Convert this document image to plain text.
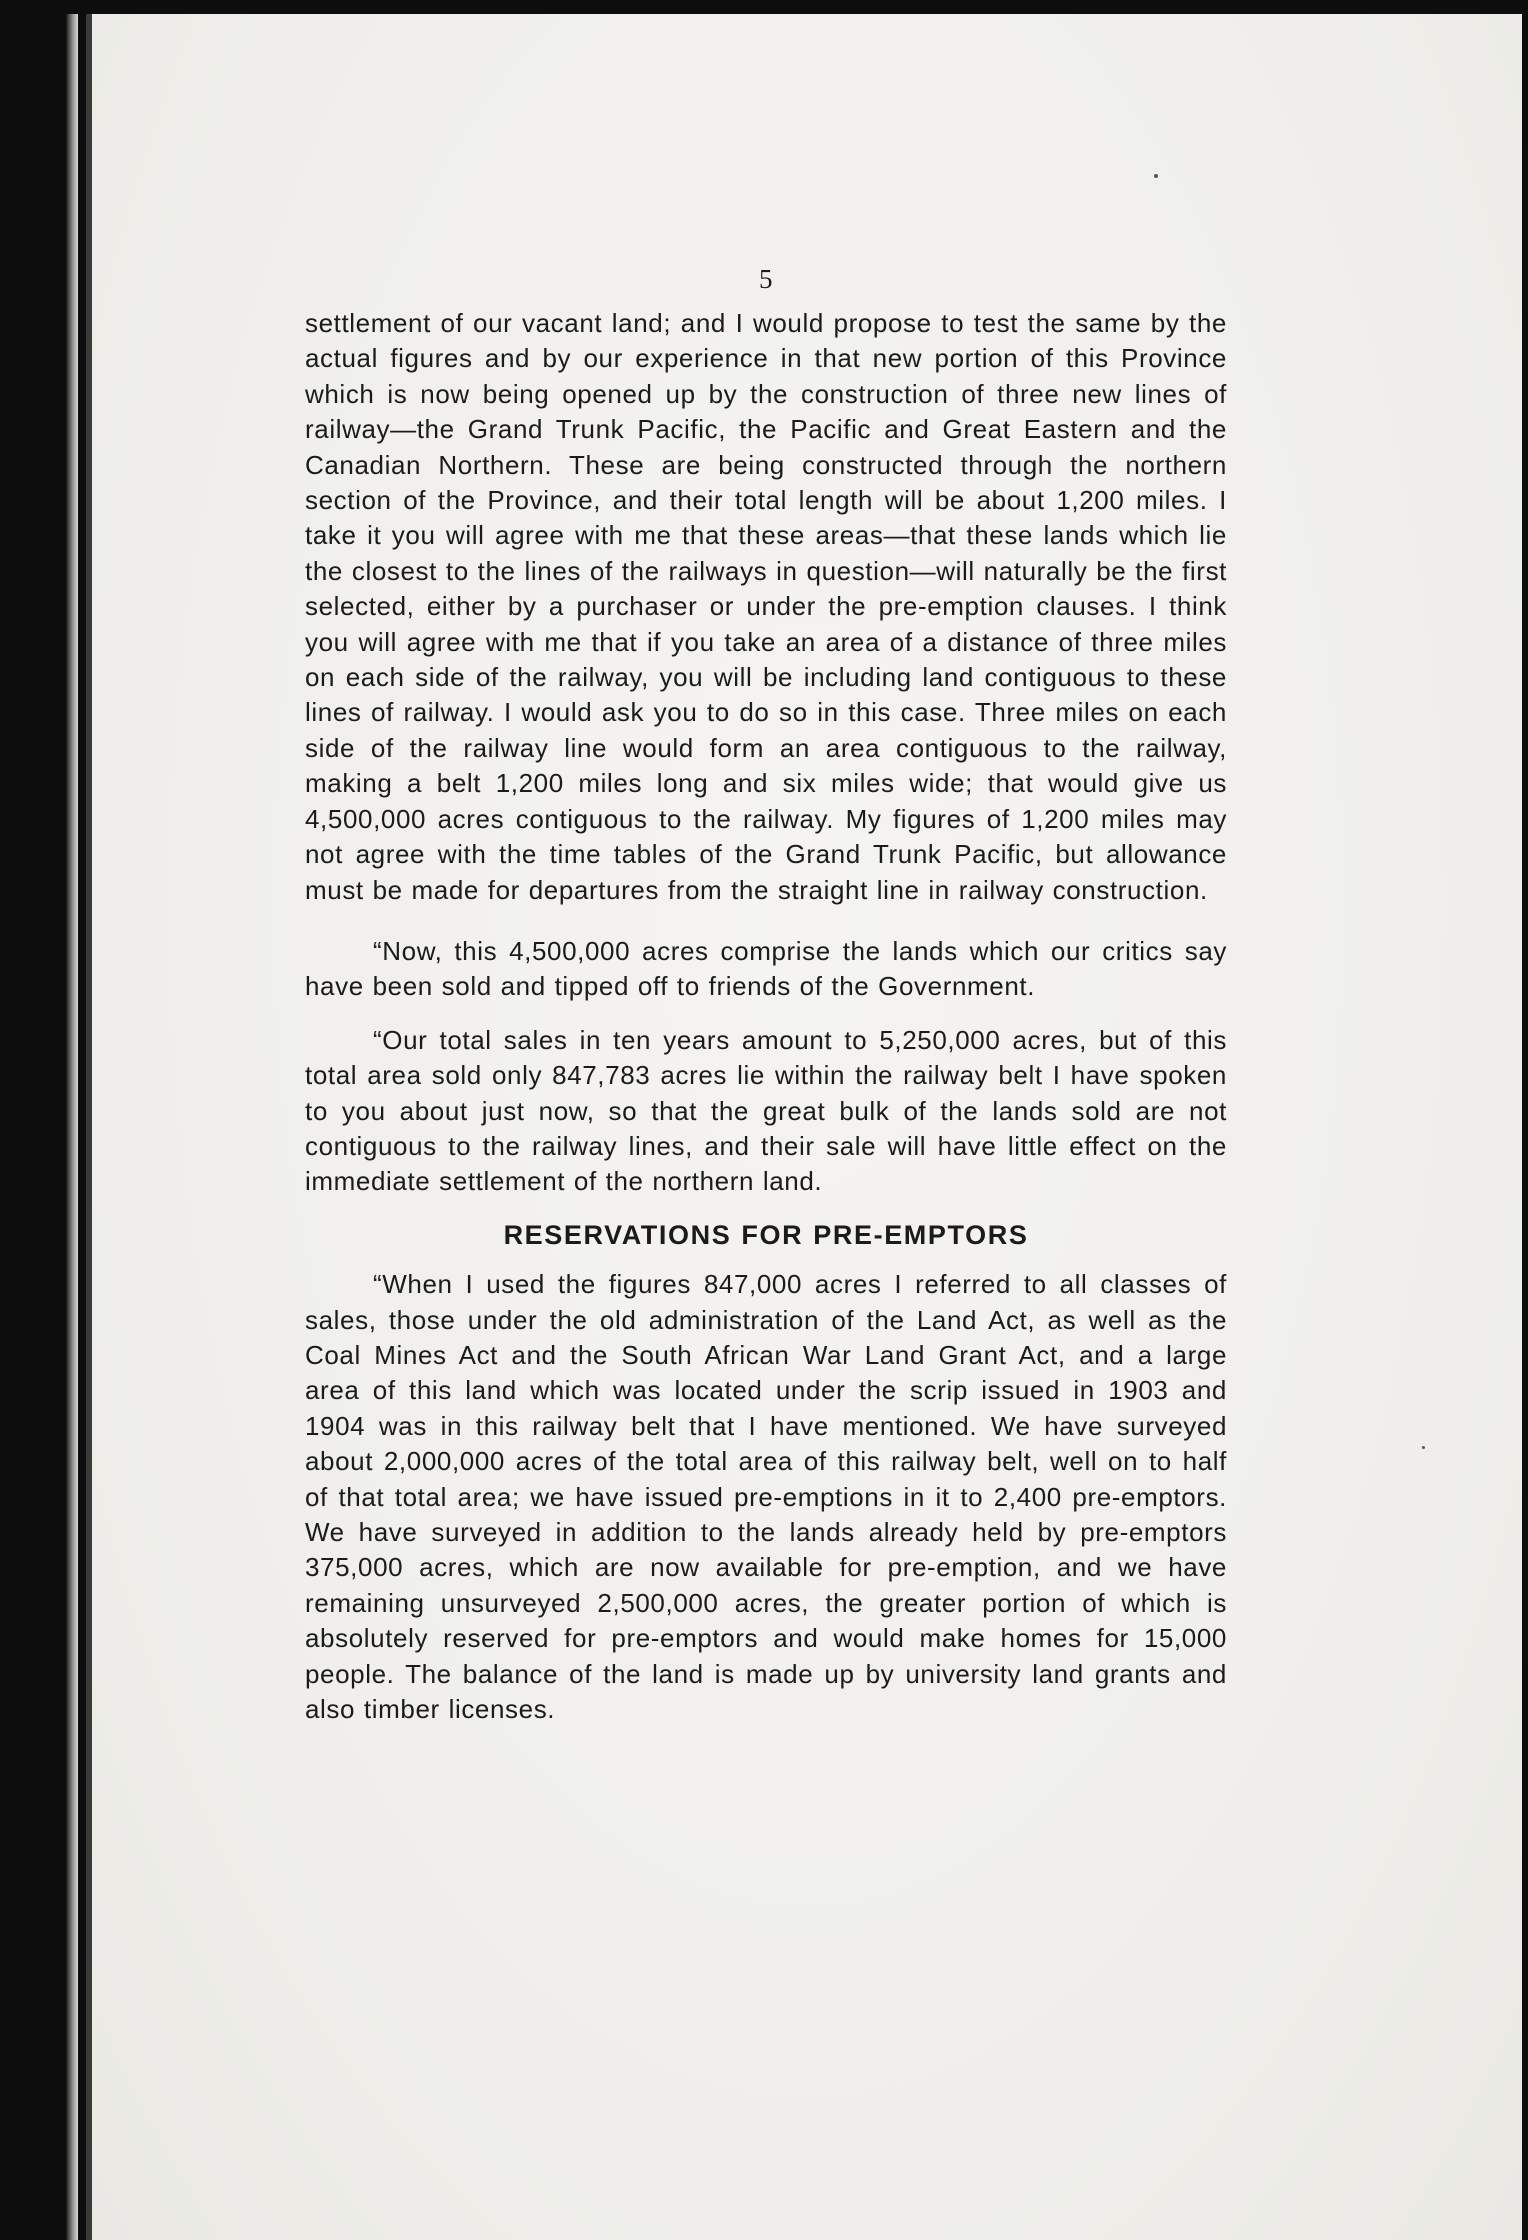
5

settlement of our vacant land; and I would propose to test the same by the actual figures and by our experience in that new portion of this Province which is now being opened up by the construction of three new lines of railway—the Grand Trunk Pacific, the Pacific and Great Eastern and the Canadian Northern. These are being constructed through the northern section of the Province, and their total length will be about 1,200 miles. I take it you will agree with me that these areas—that these lands which lie the closest to the lines of the railways in question—will naturally be the first selected, either by a purchaser or under the pre-emption clauses. I think you will agree with me that if you take an area of a distance of three miles on each side of the railway, you will be including land contiguous to these lines of railway. I would ask you to do so in this case. Three miles on each side of the railway line would form an area contiguous to the railway, making a belt 1,200 miles long and six miles wide; that would give us 4,500,000 acres contiguous to the railway. My figures of 1,200 miles may not agree with the time tables of the Grand Trunk Pacific, but allowance must be made for departures from the straight line in railway construction.

“Now, this 4,500,000 acres comprise the lands which our critics say have been sold and tipped off to friends of the Government.

“Our total sales in ten years amount to 5,250,000 acres, but of this total area sold only 847,783 acres lie within the railway belt I have spoken to you about just now, so that the great bulk of the lands sold are not contiguous to the railway lines, and their sale will have little effect on the immediate settlement of the northern land.

RESERVATIONS FOR PRE-EMPTORS

“When I used the figures 847,000 acres I referred to all classes of sales, those under the old administration of the Land Act, as well as the Coal Mines Act and the South African War Land Grant Act, and a large area of this land which was located under the scrip issued in 1903 and 1904 was in this railway belt that I have mentioned. We have surveyed about 2,000,000 acres of the total area of this railway belt, well on to half of that total area; we have issued pre-emptions in it to 2,400 pre-emptors. We have surveyed in addition to the lands already held by pre-emptors 375,000 acres, which are now available for pre-emption, and we have remaining unsurveyed 2,500,000 acres, the greater portion of which is absolutely reserved for pre-emptors and would make homes for 15,000 people. The balance of the land is made up by university land grants and also timber licenses.
